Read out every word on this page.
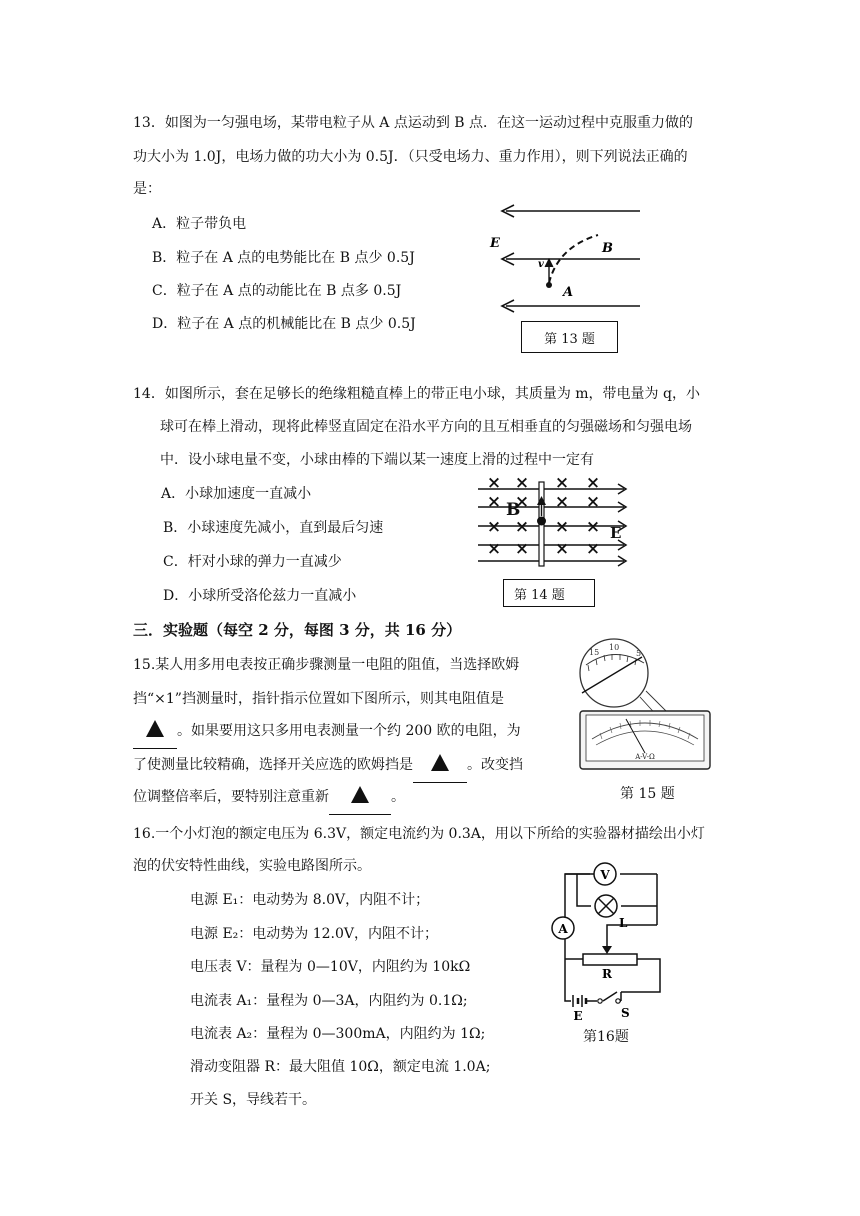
13．如图为一匀强电场，某带电粒子从 A 点运动到 B 点．在这一运动过程中克服重力做的
功大小为 1.0J，电场力做的功大小为 0.5J．（只受电场力、重力作用），则下列说法正确的
是：
A．粒子带负电
B．粒子在 A 点的电势能比在 B 点少 0.5J
C．粒子在 A 点的动能比在 B 点多 0.5J
D．粒子在 A 点的机械能比在 B 点少 0.5J
E	B
A
v
第 13 题
14．如图所示，套在足够长的绝缘粗糙直棒上的带正电小球，其质量为 m，带电量为 q，小
球可在棒上滑动，现将此棒竖直固定在沿水平方向的且互相垂直的匀强磁场和匀强电场
中．设小球电量不变，小球由棒的下端以某一速度上滑的过程中一定有
A．小球加速度一直减小
B．小球速度先减小，直到最后匀速
C．杆对小球的弹力一直减少
D．小球所受洛伦兹力一直减小
× × × ×
× × × ×
× × × ×
× × × ×
B
E
第 14 题
三．实验题（每空 2 分，每图 3 分，共 16 分）
15.某人用多用电表按正确步骤测量一电阻的阻值，当选择欧姆
挡“×1”挡测量时，指针指示位置如下图所示，则其电阻值是
。如果要用这只多用电表测量一个约 200 欧的电阻，为
了使测量比较精确，选择开关应选的欧姆挡是	。改变挡
位调整倍率后，要特别注意重新	。
15
10
5
A-V-Ω
第 15 题
16.一个小灯泡的额定电压为 6.3V，额定电流约为 0.3A，用以下所给的实验器材描绘出小灯
泡的伏安特性曲线，实验电路图所示。
电源 E₁：电动势为 8.0V，内阻不计；
电源 E₂：电动势为 12.0V，内阻不计；
电压表 V：量程为 0—10V，内阻约为 10kΩ
电流表 A₁：量程为 0—3A，内阻约为 0.1Ω;
电流表 A₂：量程为 0—300mA，内阻约为 1Ω;
滑动变阻器 R：最大阻值 10Ω，额定电流 1.0A;
开关 S，导线若干。
V
L
A
R
E	S
第16题
